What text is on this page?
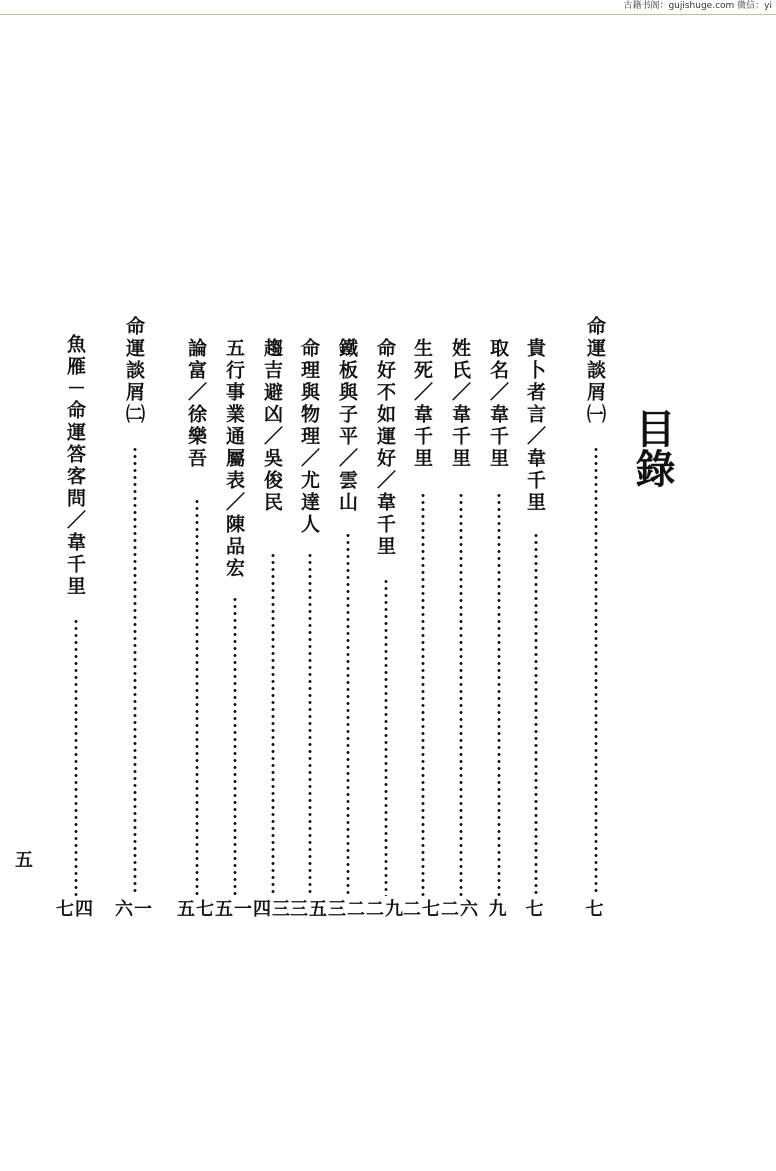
古籍书阁：gujishuge.com 微信：yi
目錄
命運談屑㈠
七
貴卜者言／韋千里
七
取名／韋千里
九
姓氏／韋千里
二六
生死／韋千里
二七
命好不如運好／韋千里
二九
鐵板與子平／雲山
三二
命理與物理／尤達人
三五
趨吉避凶／吳俊民
四三
五行事業通屬表／陳品宏
五一
論富／徐樂吾
五七
命運談屑㈡
六一
魚雁－命運答客問／韋千里
七四
五
